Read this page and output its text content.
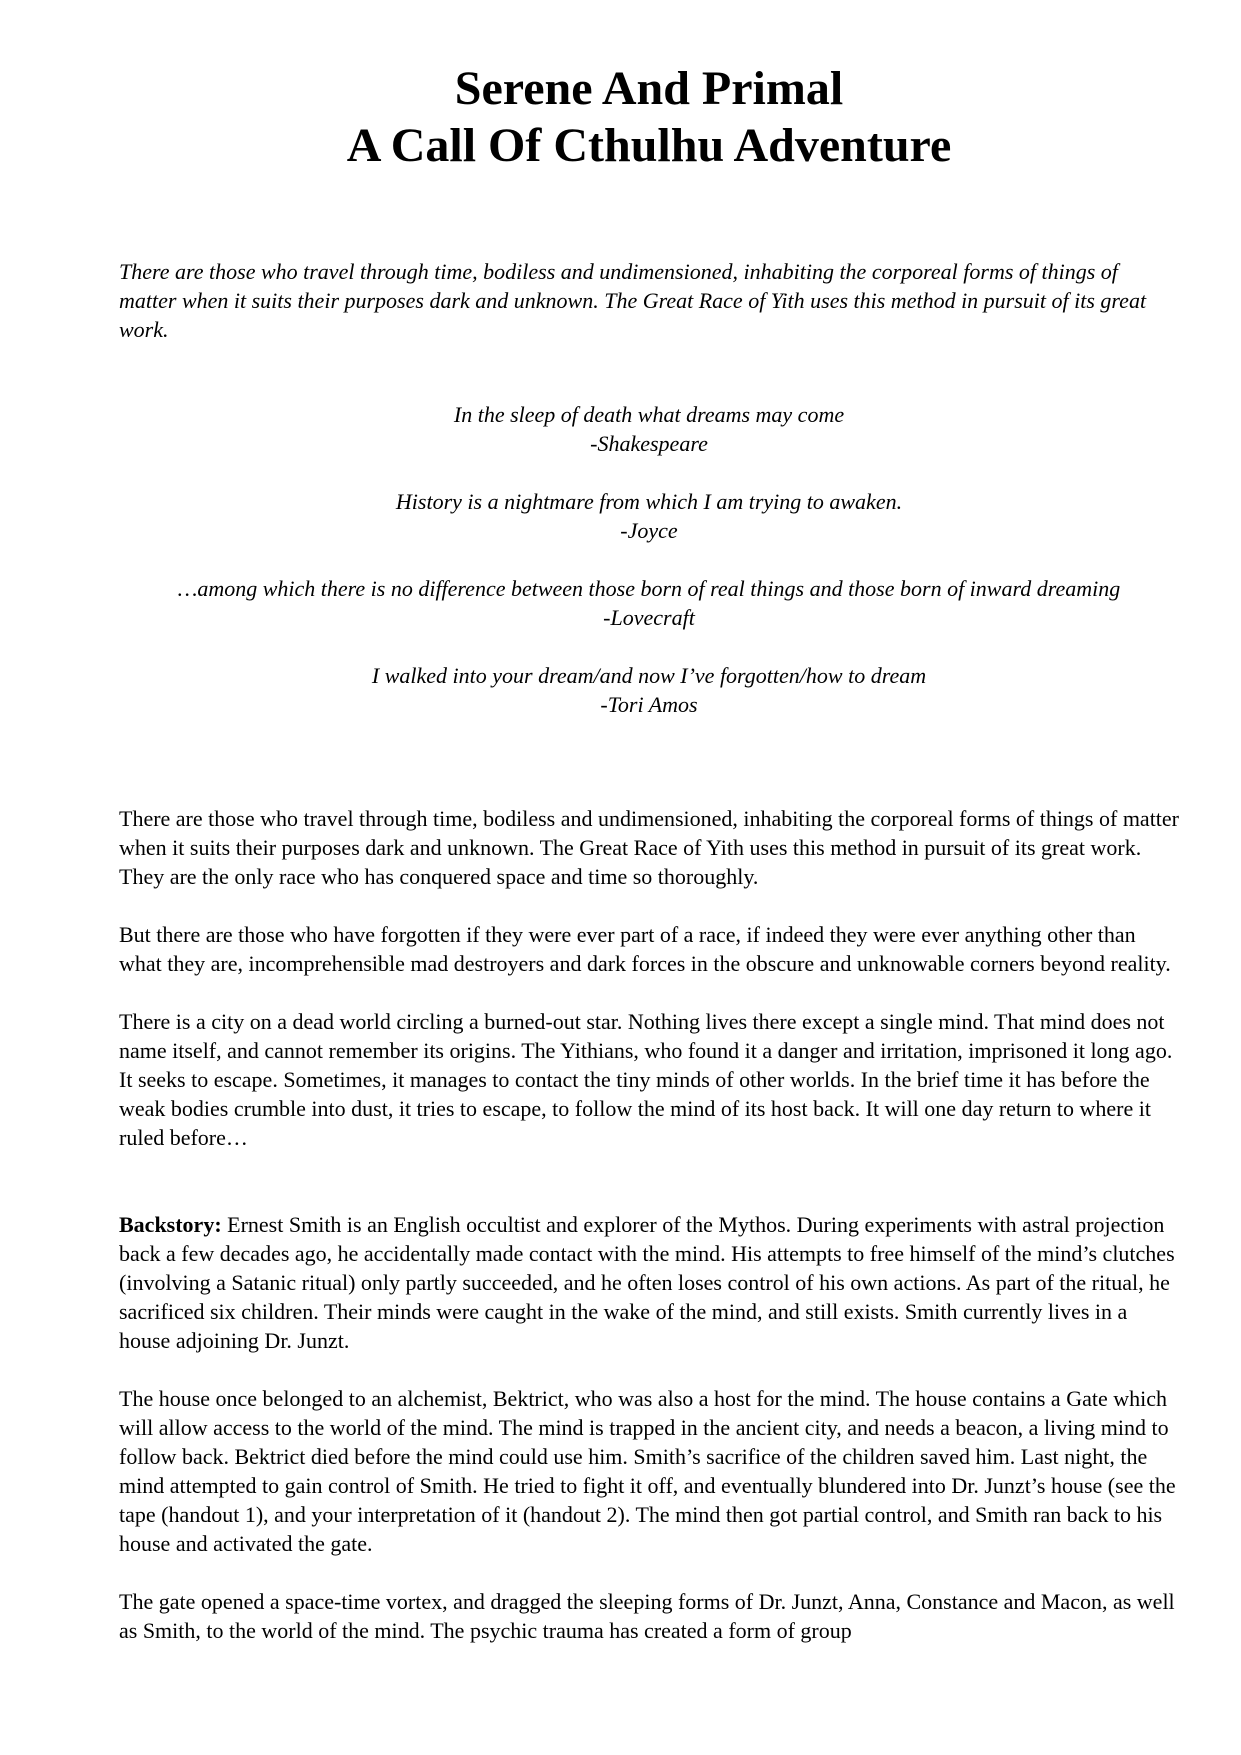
Serene And Primal
A Call Of Cthulhu Adventure

There are those who travel through time, bodiless and undimensioned, inhabiting the corporeal forms of things of matter when it suits their purposes dark and unknown. The Great Race of Yith uses this method in pursuit of its great work.

In the sleep of death what dreams may come

-Shakespeare

History is a nightmare from which I am trying to awaken.

-Joyce

…among which there is no difference between those born of real things and those born of inward dreaming

-Lovecraft

I walked into your dream/and now I’ve forgotten/how to dream

-Tori Amos

There are those who travel through time, bodiless and undimensioned, inhabiting the corporeal forms of things of matter when it suits their purposes dark and unknown. The Great Race of Yith uses this method in pursuit of its great work. They are the only race who has conquered space and time so thoroughly.

But there are those who have forgotten if they were ever part of a race, if indeed they were ever anything other than what they are, incomprehensible mad destroyers and dark forces in the obscure and unknowable corners beyond reality.

There is a city on a dead world circling a burned-out star. Nothing lives there except a single mind. That mind does not name itself, and cannot remember its origins. The Yithians, who found it a danger and irritation, imprisoned it long ago. It seeks to escape. Sometimes, it manages to contact the tiny minds of other worlds. In the brief time it has before the weak bodies crumble into dust, it tries to escape, to follow the mind of its host back. It will one day return to where it ruled before…

Backstory: Ernest Smith is an English occultist and explorer of the Mythos. During experiments with astral projection back a few decades ago, he accidentally made contact with the mind. His attempts to free himself of the mind’s clutches (involving a Satanic ritual) only partly succeeded, and he often loses control of his own actions. As part of the ritual, he sacrificed six children. Their minds were caught in the wake of the mind, and still exists. Smith currently lives in a house adjoining Dr. Junzt.

The house once belonged to an alchemist, Bektrict, who was also a host for the mind. The house contains a Gate which will allow access to the world of the mind. The mind is trapped in the ancient city, and needs a beacon, a living mind to follow back. Bektrict died before the mind could use him. Smith’s sacrifice of the children saved him. Last night, the mind attempted to gain control of Smith. He tried to fight it off, and eventually blundered into Dr. Junzt’s house (see the tape (handout 1), and your interpretation of it (handout 2). The mind then got partial control, and Smith ran back to his house and activated the gate.

The gate opened a space-time vortex, and dragged the sleeping forms of Dr. Junzt, Anna, Constance and Macon, as well as Smith, to the world of the mind. The psychic trauma has created a form of group
